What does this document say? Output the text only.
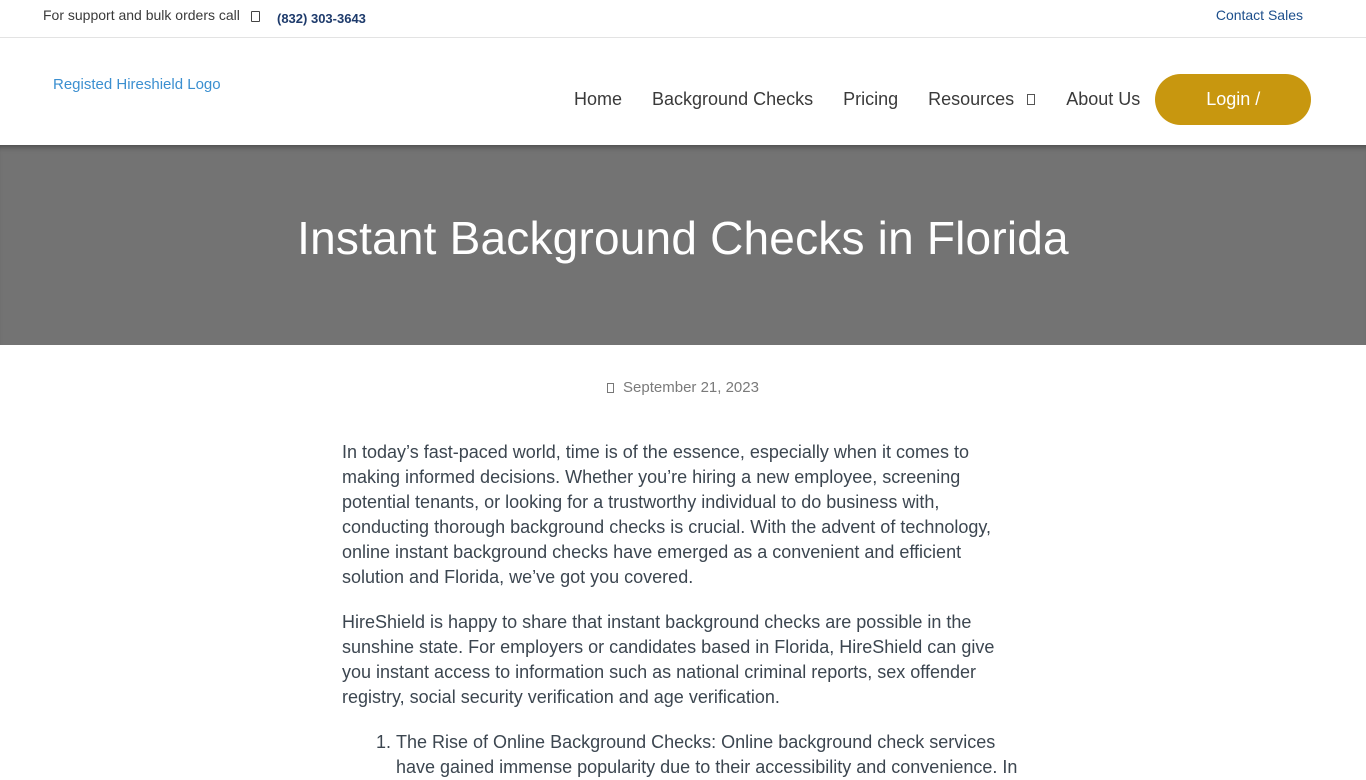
For support and bulk orders call	(832) 303-3643	Contact Sales
Registed Hireshield Logo
Home Background Checks Pricing Resources	About Us	Login /
Instant Background Checks in Florida
September 21, 2023

In today’s fast-paced world, time is of the essence, especially when it comes to making informed decisions. Whether you’re hiring a new employee, screening potential tenants, or looking for a trustworthy individual to do business with, conducting thorough background checks is crucial. With the advent of technology, online instant background checks have emerged as a convenient and efficient solution and Florida, we’ve got you covered.

HireShield is happy to share that instant background checks are possible in the sunshine state. For employers or candidates based in Florida, HireShield can give you instant access to information such as national criminal reports, sex offender registry, social security verification and age verification.

1. The Rise of Online Background Checks: Online background check services have gained immense popularity due to their accessibility and convenience. In
